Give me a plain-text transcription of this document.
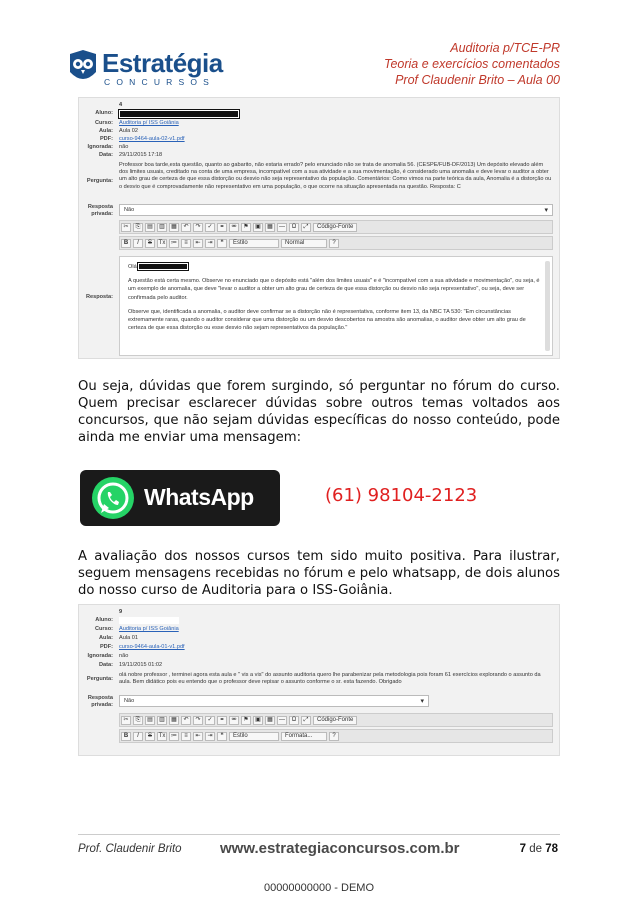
Estratégia
CONCURSOS
Auditoria p/TCE-PR
Teoria e exercícios comentados
Prof Claudenir Brito – Aula 00
4
Aluno:
Curso: Auditoria p/ ISS Goiânia
Aula: Aula 02
PDF: curso-9464-aula-02-v1.pdf
Ignorada: não
Data: 29/11/2015 17:18
Pergunta:
Professor boa tarde,esta questão, quanto ao gabarito, não estaria errado? pelo enunciado não se trata de anomalia 56. (CESPE/FUB-DF/2013) Um depósito elevado além dos limites usuais, creditado na conta de uma empresa, incompatível com a sua atividade e a sua movimentação, é considerado uma anomalia e deve levar o auditor a obter um alto grau de certeza de que essa distorção ou desvio não seja representativo da população. Comentários: Como vimos na parte teórica da aula, Anomalia é a distorção ou o desvio que é comprovadamente não representativo em uma população, o que ocorre na situação apresentada na questão. Resposta: C
Resposta privada:
Não ▾
✂ ⎘ ▤ ▥ ▦ ↶ ↷ ✓ ⚭ ⚮ ⚑ ▣ ▦ — Ω ⤢ Código-Fonte
B I S Tx ≔ ≡ ⇤ ⇥ ❝ Estilo	Normal	?
Resposta:

Olá

A questão está certa mesmo. Observe no enunciado que o depósito está "além dos limites usuais" e é "incompatível com a sua atividade e movimentação", ou seja, é um exemplo de anomalia, que deve "levar o auditor a obter um alto grau de certeza de que essa distorção ou desvio não seja representativo", ou seja, deve ser confirmada pelo auditor.

Observe que, identificada a anomalia, o auditor deve confirmar se a distorção não é representativa, conforme item 13, da NBC TA 530: "Em circunstâncias extremamente raras, quando o auditor considerar que uma distorção ou um desvio descobertos na amostra são anomalias, o auditor deve obter um alto grau de certeza de que essa distorção ou esse desvio não sejam representativos da população."

Ou seja, dúvidas que forem surgindo, só perguntar no fórum do curso. Quem precisar esclarecer dúvidas sobre outros temas voltados aos concursos, que não sejam dúvidas específicas do nosso conteúdo, pode ainda me enviar uma mensagem:
WhatsApp	(61) 98104-2123
A avaliação dos nossos cursos tem sido muito positiva. Para ilustrar, seguem mensagens recebidas no fórum e pelo whatsapp, de dois alunos do nosso curso de Auditoria para o ISS-Goiânia.
9
Aluno:
Curso: Auditoria p/ ISS Goiânia
Aula: Aula 01
PDF: curso-9464-aula-01-v1.pdf
Ignorada: não
Data: 19/11/2015 01:02
Pergunta:
olá nobre professor , terminei agora esta aula e " vis a vis" do assunto auditoria quero lhe parabenizar pela metodologia pois foram 61 exercícios explorando o assunto da aula. Bem didático pois eu entendo que o professor deve repisar o assunto conforme o sr. esta fazendo. Obrigado
Resposta privada:
Não ▾
✂ ⎘ ▤ ▥ ▦ ↶ ↷ ✓ ⚭ ⚮ ⚑ ▣ ▦ — Ω ⤢ Código-Fonte
B I S Tx ≔ ≡ ⇤ ⇥ ❝ Estilo	Formata...	?
Prof. Claudenir Brito	www.estrategiaconcursos.com.br	7 de 78
00000000000 - DEMO
